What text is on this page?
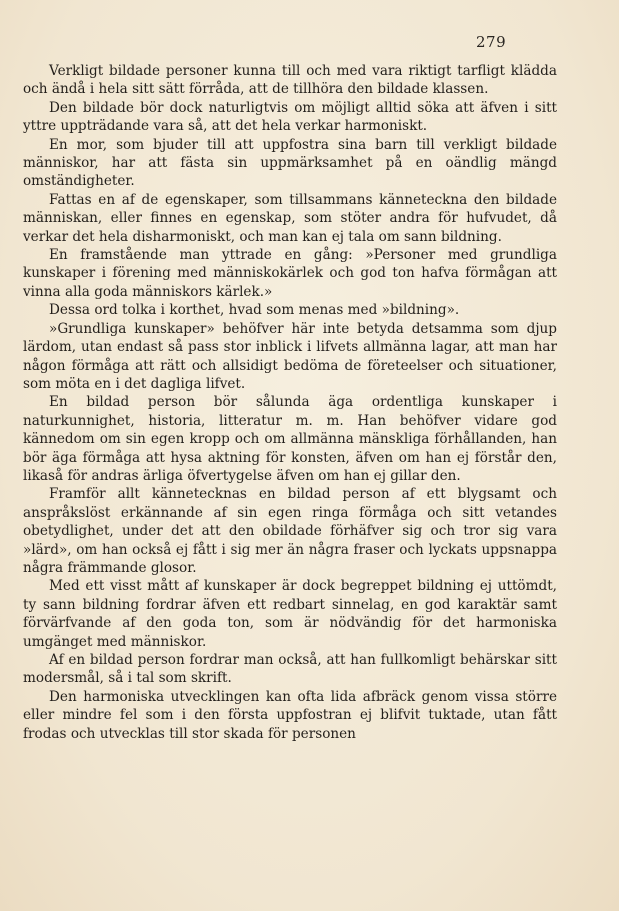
279

Verkligt bildade personer kunna till och med vara riktigt tarfligt klädda och ändå i hela sitt sätt förråda, att de tillhöra den bildade klassen.

Den bildade bör dock naturligtvis om möjligt alltid söka att äfven i sitt yttre uppträdande vara så, att det hela verkar harmoniskt.

En mor, som bjuder till att uppfostra sina barn till verkligt bildade människor, har att fästa sin uppmärksamhet på en oändlig mängd omständigheter.

Fattas en af de egenskaper, som tillsammans känneteckna den bildade människan, eller finnes en egenskap, som stöter andra för hufvudet, då verkar det hela disharmoniskt, och man kan ej tala om sann bildning.

En framstående man yttrade en gång: »Personer med grundliga kunskaper i förening med människokärlek och god ton hafva förmågan att vinna alla goda människors kärlek.»

Dessa ord tolka i korthet, hvad som menas med »bildning».

»Grundliga kunskaper» behöfver här inte betyda detsamma som djup lärdom, utan endast så pass stor inblick i lifvets allmänna lagar, att man har någon förmåga att rätt och allsidigt bedöma de företeelser och situationer, som möta en i det dagliga lifvet.

En bildad person bör sålunda äga ordentliga kunskaper i naturkunnighet, historia, litteratur m. m. Han behöfver vidare god kännedom om sin egen kropp och om allmänna mänskliga förhållanden, han bör äga förmåga att hysa aktning för konsten, äfven om han ej förstår den, likaså för andras ärliga öfvertygelse äfven om han ej gillar den.

Framför allt kännetecknas en bildad person af ett blygsamt och anspråkslöst erkännande af sin egen ringa förmåga och sitt vetandes obetydlighet, under det att den obildade förhäfver sig och tror sig vara »lärd», om han också ej fått i sig mer än några fraser och lyckats uppsnappa några främmande glosor.

Med ett visst mått af kunskaper är dock begreppet bildning ej uttömdt, ty sann bildning fordrar äfven ett redbart sinnelag, en god karaktär samt förvärfvande af den goda ton, som är nödvändig för det harmoniska umgänget med människor.

Af en bildad person fordrar man också, att han fullkomligt behärskar sitt modersmål, så i tal som skrift.

Den harmoniska utvecklingen kan ofta lida afbräck genom vissa större eller mindre fel som i den första uppfostran ej blifvit tuktade, utan fått frodas och utvecklas till stor skada för personen
